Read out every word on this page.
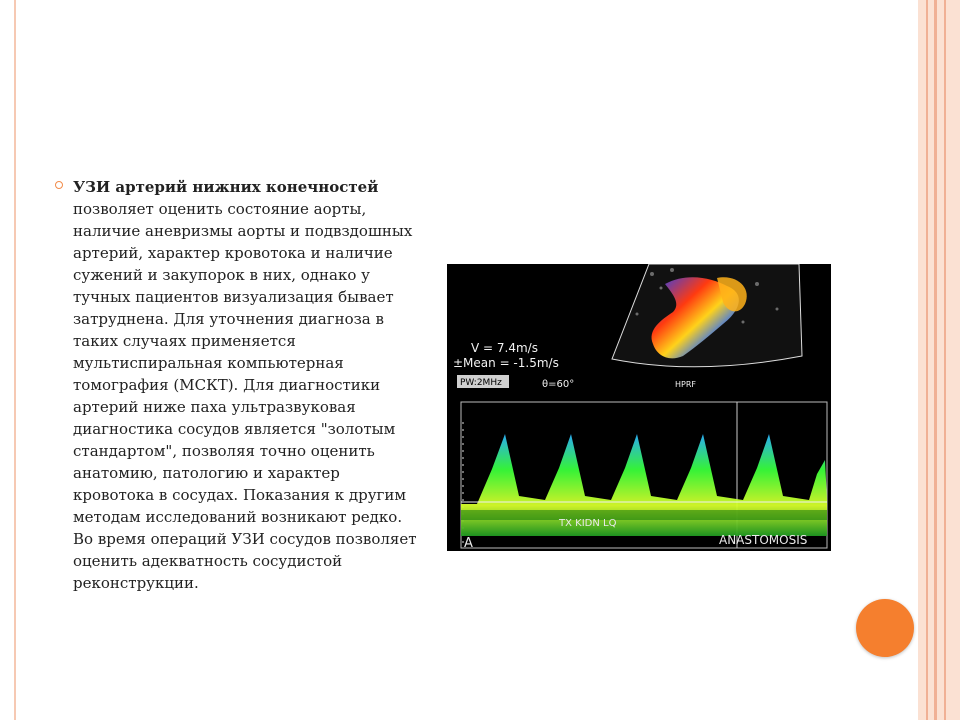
УЗИ артерий нижних конечностей позволяет оценить состояние аорты, наличие аневризмы аорты и подвздошных артерий, характер кровотока и наличие сужений и закупорок в них, однако у тучных пациентов визуализация бывает затруднена. Для уточнения диагноза в таких случаях применяется мультиспиральная компьютерная томография (МСКТ). Для диагностики артерий ниже паха ультразвуковая диагностика сосудов является "золотым стандартом", позволяя точно оценить анатомию, патологию и характер кровотока в сосудах. Показания к другим методам исследований возникают редко. Во время операций УЗИ сосудов позволяет оценить адекватность сосудистой реконструкции.

V = 7.4m/s
±Mean = -1.5m/s
PW:2MHz	θ=60°	HPRF
TX KIDN LQ
ANASTOMOSIS
A
